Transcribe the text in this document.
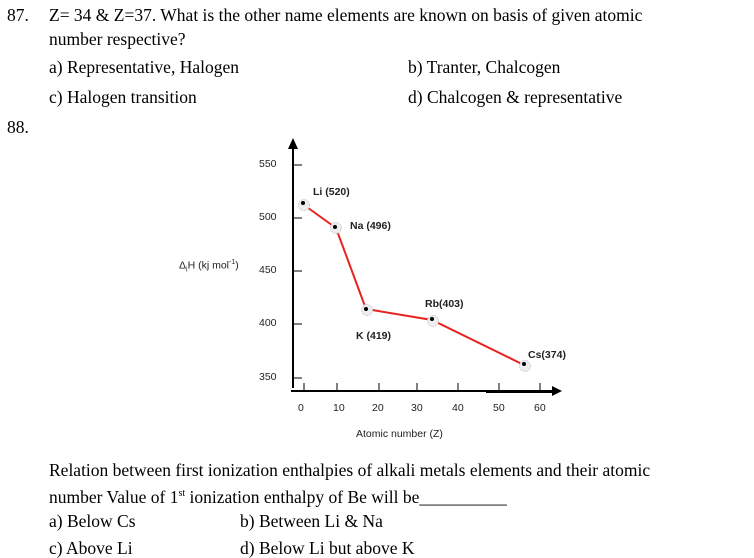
87. Z= 34 & Z=37. What is the other name elements are known on basis of given atomic
number respective?
a) Representative, Halogen	b) Tranter, Chalcogen
c) Halogen transition	d) Chalcogen & representative
88.
550
500
450
400
350
0	10	20	30	40	50	60
Atomic number (Z)
$\Delta_iH$ (kj mol$^{-1}$)
Li (520)
Na (496)
K (419)
Rb(403)
Cs(374)
Relation between first ionization enthalpies of alkali metals elements and their atomic
number Value of 1st ionization enthalpy of Be will be__________
a) Below Cs	b) Between Li & Na
c) Above Li	d) Below Li but above K
